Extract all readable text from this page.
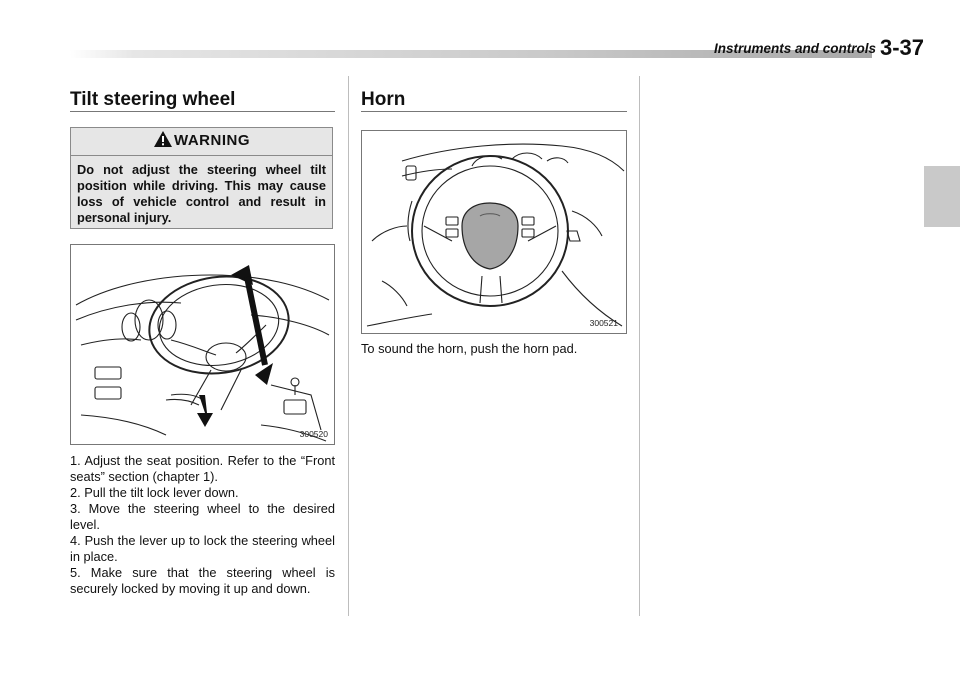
Instruments and controls 3-37
Tilt steering wheel
WARNING
Do not adjust the steering wheel tilt position while driving. This may cause loss of vehicle control and result in personal injury.
300520
1. Adjust the seat position. Refer to the “Front seats” section (chapter 1).
2. Pull the tilt lock lever down.
3. Move the steering wheel to the desired level.
4. Push the lever up to lock the steering wheel in place.
5. Make sure that the steering wheel is securely locked by moving it up and down.
Horn
300521
To sound the horn, push the horn pad.
